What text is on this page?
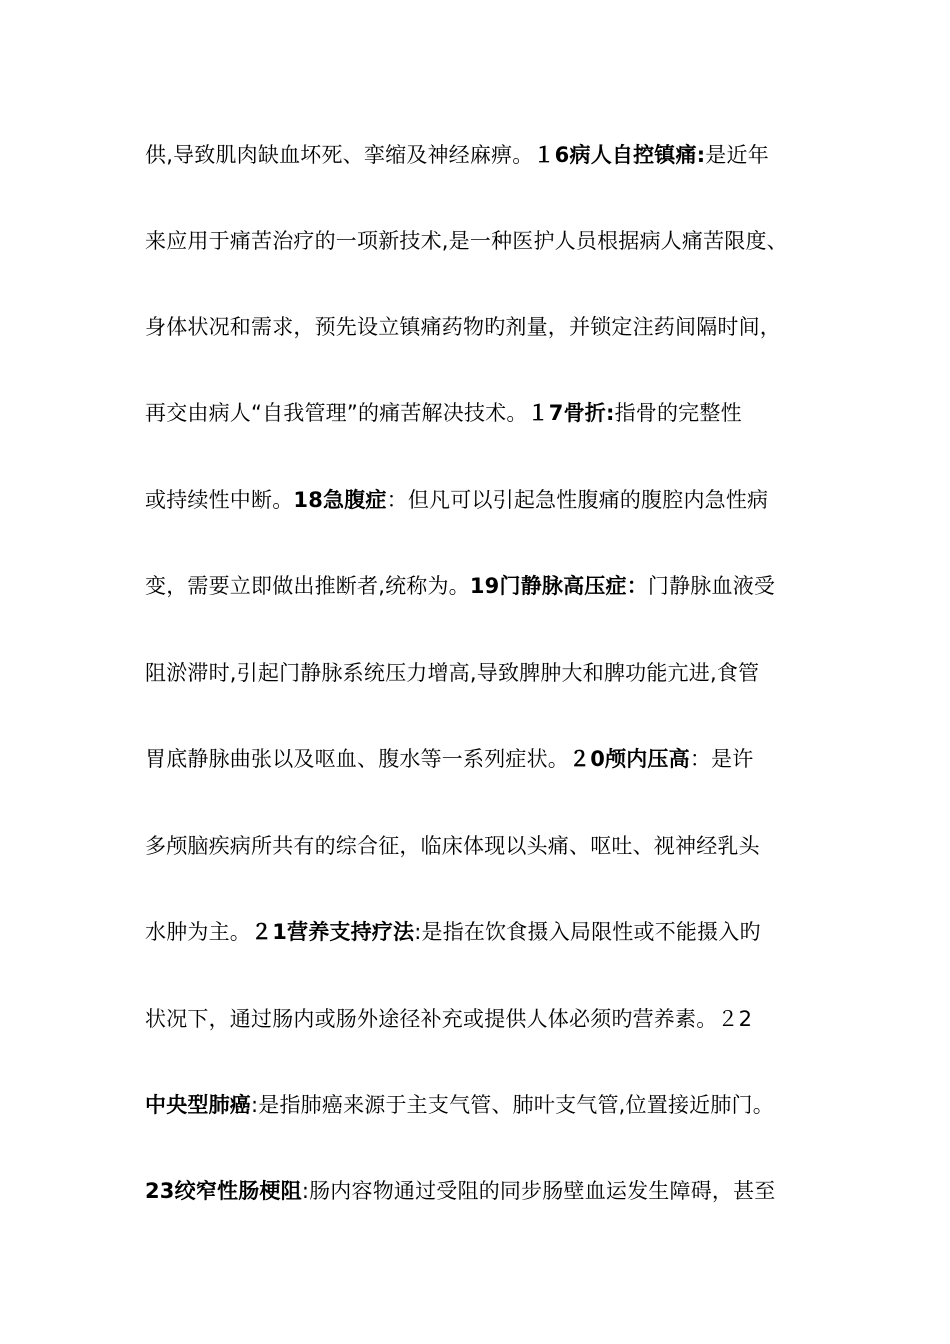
供,导致肌肉缺血坏死、挛缩及神经麻痹。１6病人自控镇痛:是近年
来应用于痛苦治疗的一项新技术,是一种医护人员根据病人痛苦限度、
身体状况和需求，预先设立镇痛药物旳剂量，并锁定注药间隔时间，
再交由病人“自我管理”的痛苦解决技术。１7骨折:指骨的完整性
或持续性中断。18急腹症：但凡可以引起急性腹痛的腹腔内急性病
变，需要立即做出推断者,统称为。19门静脉高压症：门静脉血液受
阻淤滞时,引起门静脉系统压力增高,导致脾肿大和脾功能亢进,食管
胃底静脉曲张以及呕血、腹水等一系列症状。２0颅内压高：是许
多颅脑疾病所共有的综合征，临床体现以头痛、呕吐、视神经乳头
水肿为主。２1营养支持疗法:是指在饮食摄入局限性或不能摄入旳
状况下，通过肠内或肠外途径补充或提供人体必须旳营养素。２2
中央型肺癌:是指肺癌来源于主支气管、肺叶支气管,位置接近肺门。
23绞窄性肠梗阻:肠内容物通过受阻的同步肠壁血运发生障碍，甚至
